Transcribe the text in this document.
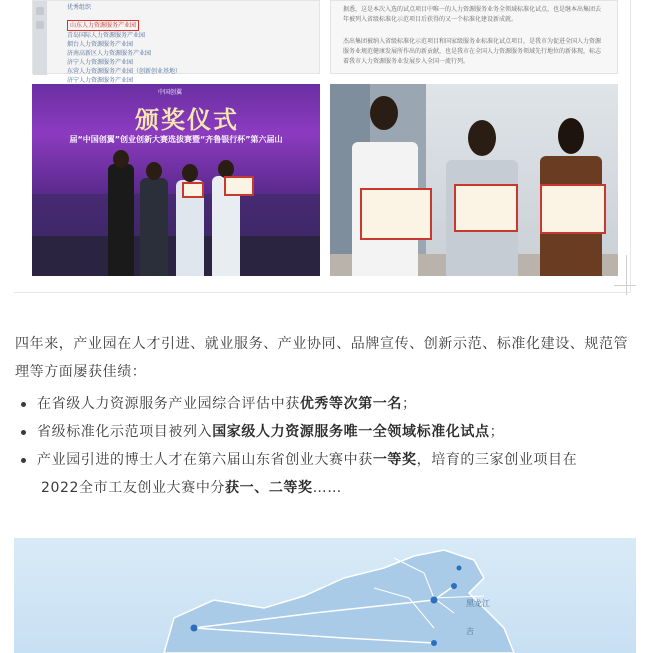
优秀组织
山东人力资源服务产业园
青岛国际人力资源服务产业园
烟台人力资源服务产业园
济南高新区人力资源服务产业园
济宁人力资源服务产业园
东营人力资源服务产业园（创新创业基地）
济宁人力资源服务产业园
据悉，这是本次入选的试点项目中唯一的人力资源服务业务全领域标准化试点，也是继本出集团去年被列入省级标准化示范项目后获得的又一个标准化建设新成就。
杰出集团被纳入省级标准化示范项目和国家级服务业标准化试点项目，是我市为促进全国人力资源服务业规范健康发展所作出的新贡献，也是我市在全国人力资源服务领域先行地位的新体现，标志着我市人力资源服务业发展步入全国一流行列。
中国创翼
颁奖仪式
届“中国创翼”创业创新大赛选拔赛暨“齐鲁银行杯”第六届山
四年来，产业园在人才引进、就业服务、产业协同、品牌宣传、创新示范、标准化建设、规范管理等方面屡获佳绩：
在省级人力资源服务产业园综合评估中获优秀等次第一名；
省级标准化示范项目被列入国家级人力资源服务唯一全领域标准化试点；
产业园引进的博士人才在第六届山东省创业大赛中获一等奖，培育的三家创业项目在
2022全市工友创业大赛中分获一、二等奖……
黑龙江
吉
